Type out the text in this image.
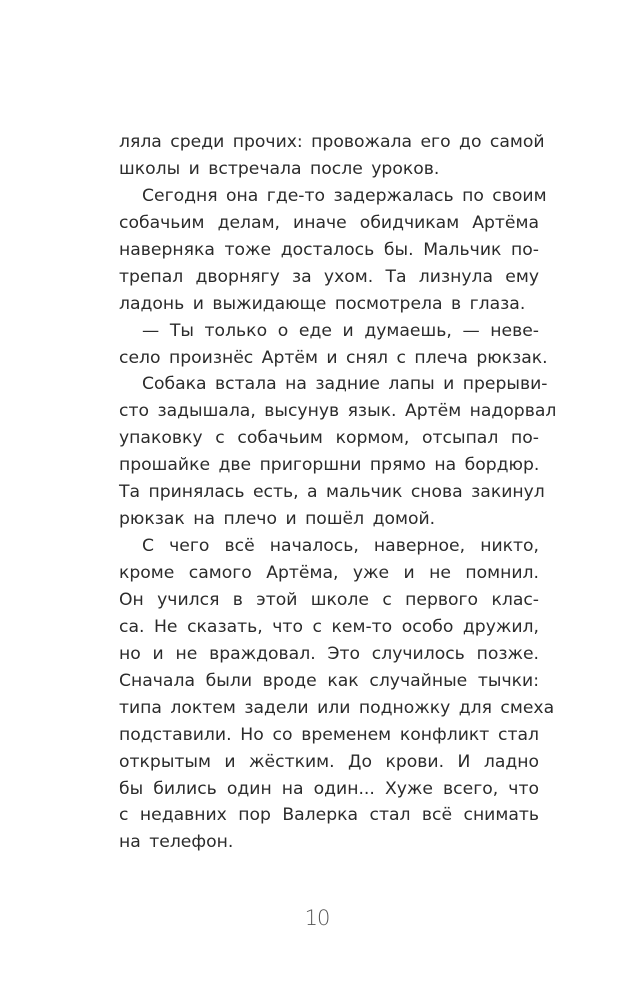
ляла среди прочих: провожала его до самой
школы и встречала после уроков.
Сегодня она где-то задержалась по своим
собачьим делам, иначе обидчикам Артёма
наверняка тоже досталось бы. Мальчик по-
трепал дворнягу за ухом. Та лизнула ему
ладонь и выжидающе посмотрела в глаза.
— Ты только о еде и думаешь, — неве-
село произнёс Артём и снял с плеча рюкзак.
Собака встала на задние лапы и прерыви-
сто задышала, высунув язык. Артём надорвал
упаковку с собачьим кормом, отсыпал по-
прошайке две пригоршни прямо на бордюр.
Та принялась есть, а мальчик снова закинул
рюкзак на плечо и пошёл домой.
С чего всё началось, наверное, никто,
кроме самого Артёма, уже и не помнил.
Он учился в этой школе с первого клас-
са. Не сказать, что с кем-то особо дружил,
но и не враждовал. Это случилось позже.
Сначала были вроде как случайные тычки:
типа локтем задели или подножку для смеха
подставили. Но со временем конфликт стал
открытым и жёстким. До крови. И ладно
бы бились один на один... Хуже всего, что
с недавних пор Валерка стал всё снимать
на телефон.
10
